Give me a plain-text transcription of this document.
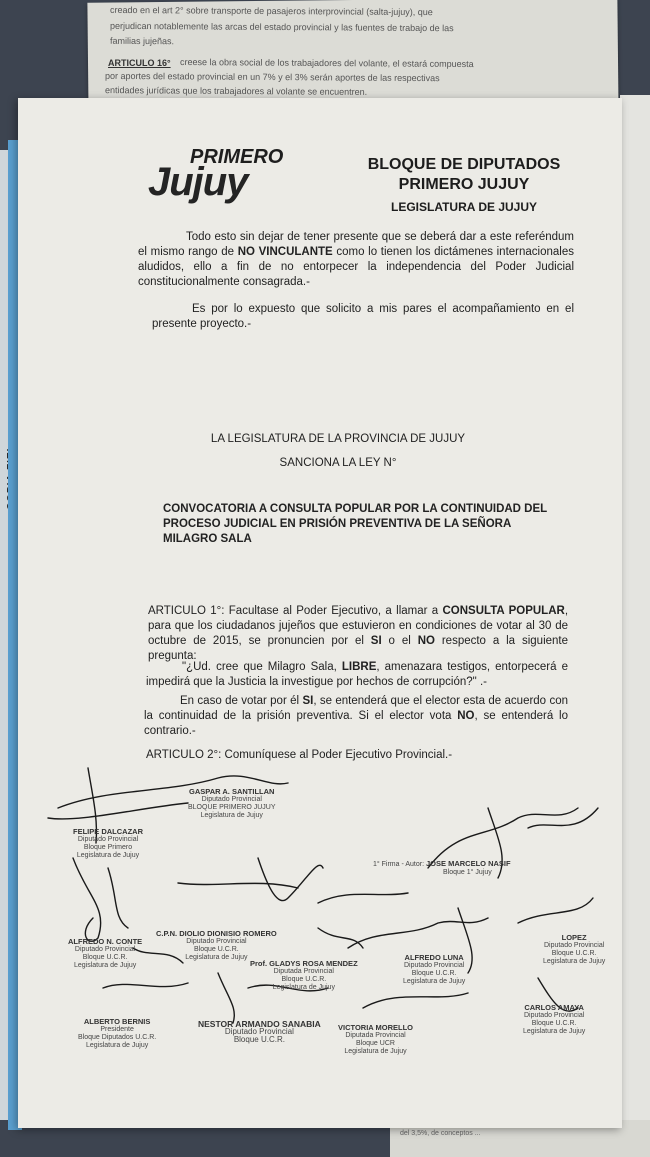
creado en el art 2° sobre transporte de pasajeros interprovincial (salta-jujuy), que
perjudican notablemente las arcas del estado provincial y las fuentes de trabajo de las
familias jujeñas.
ARTICULO 16°
por aportes del estado provincial en un 7% y el 3% serán aportes de las respectivas
entidades jurídicas que los trabajadores al volante se encuentren.
creese la obra social de los trabajadores del volante, el estará compuesta
del 3,5%, de conceptos ...
PRIMERO
Jujuy	BLOQUE DE DIPUTADOS
PRIMERO JUJUY
LEGISLATURA DE JUJUY
Todo esto sin dejar de tener presente que se deberá dar a este referéndum el mismo rango de NO VINCULANTE como lo tienen los dictámenes internacionales aludidos, ello a fin de no entorpecer la independencia del Poder Judicial constitucionalmente consagrada.-
Es por lo expuesto que solicito a mis pares el acompañamiento en el presente proyecto.-
LA LEGISLATURA DE LA PROVINCIA DE JUJUY
SANCIONA LA LEY N°
CONVOCATORIA A CONSULTA POPULAR POR LA CONTINUIDAD DEL PROCESO JUDICIAL EN PRISIÓN PREVENTIVA DE LA SEÑORA MILAGRO SALA
ARTICULO 1°: Facultase al Poder Ejecutivo, a llamar a CONSULTA POPULAR, para que los ciudadanos jujeños que estuvieron en condiciones de votar al 30 de octubre de 2015, se pronuncien por el SI o el NO respecto a la siguiente pregunta:
"¿Ud. cree que Milagro Sala, LIBRE, amenazara testigos, entorpecerá e impedirá que la Justicia la investigue por hechos de corrupción?" .-
En caso de votar por él SI, se entenderá que el elector esta de acuerdo con la continuidad de la prisión preventiva. Si el elector vota NO, se entenderá lo contrario.-
ARTICULO 2°: Comuníquese al Poder Ejecutivo Provincial.-
GASPAR A. SANTILLAN
Diputado Provincial
BLOQUE PRIMERO JUJUY
Legislatura de Jujuy
FELIPE DALCAZAR
Diputado Provincial
Bloque Primero
Legislatura de Jujuy
1° Firma - Autor: JOSE MARCELO NASIF
Bloque 1° Jujuy
C.P.N. DIOLIO DIONISIO ROMERO
Diputado Provincial
Bloque U.C.R.
Legislatura de Jujuy
ALFREDO N. CONTE
Diputado Provincial
Bloque U.C.R.
Legislatura de Jujuy	Prof. GLADYS ROSA MENDEZ
Diputada Provincial
Bloque U.C.R.
Legislatura de Jujuy
ALFREDO LUNA
Diputado Provincial
Bloque U.C.R.
Legislatura de Jujuy
LOPEZ
Diputado Provincial
Bloque U.C.R.
Legislatura de Jujuy
ALBERTO BERNIS
Presidente
Bloque Diputados U.C.R.
Legislatura de Jujuy
NESTOR ARMANDO SANABIA
Diputado Provincial
Bloque U.C.R.
VICTORIA MORELLO
Diputada Provincial
Bloque UCR
Legislatura de Jujuy
CARLOS AMAYA
Diputado Provincial
Bloque U.C.R.
Legislatura de Jujuy
